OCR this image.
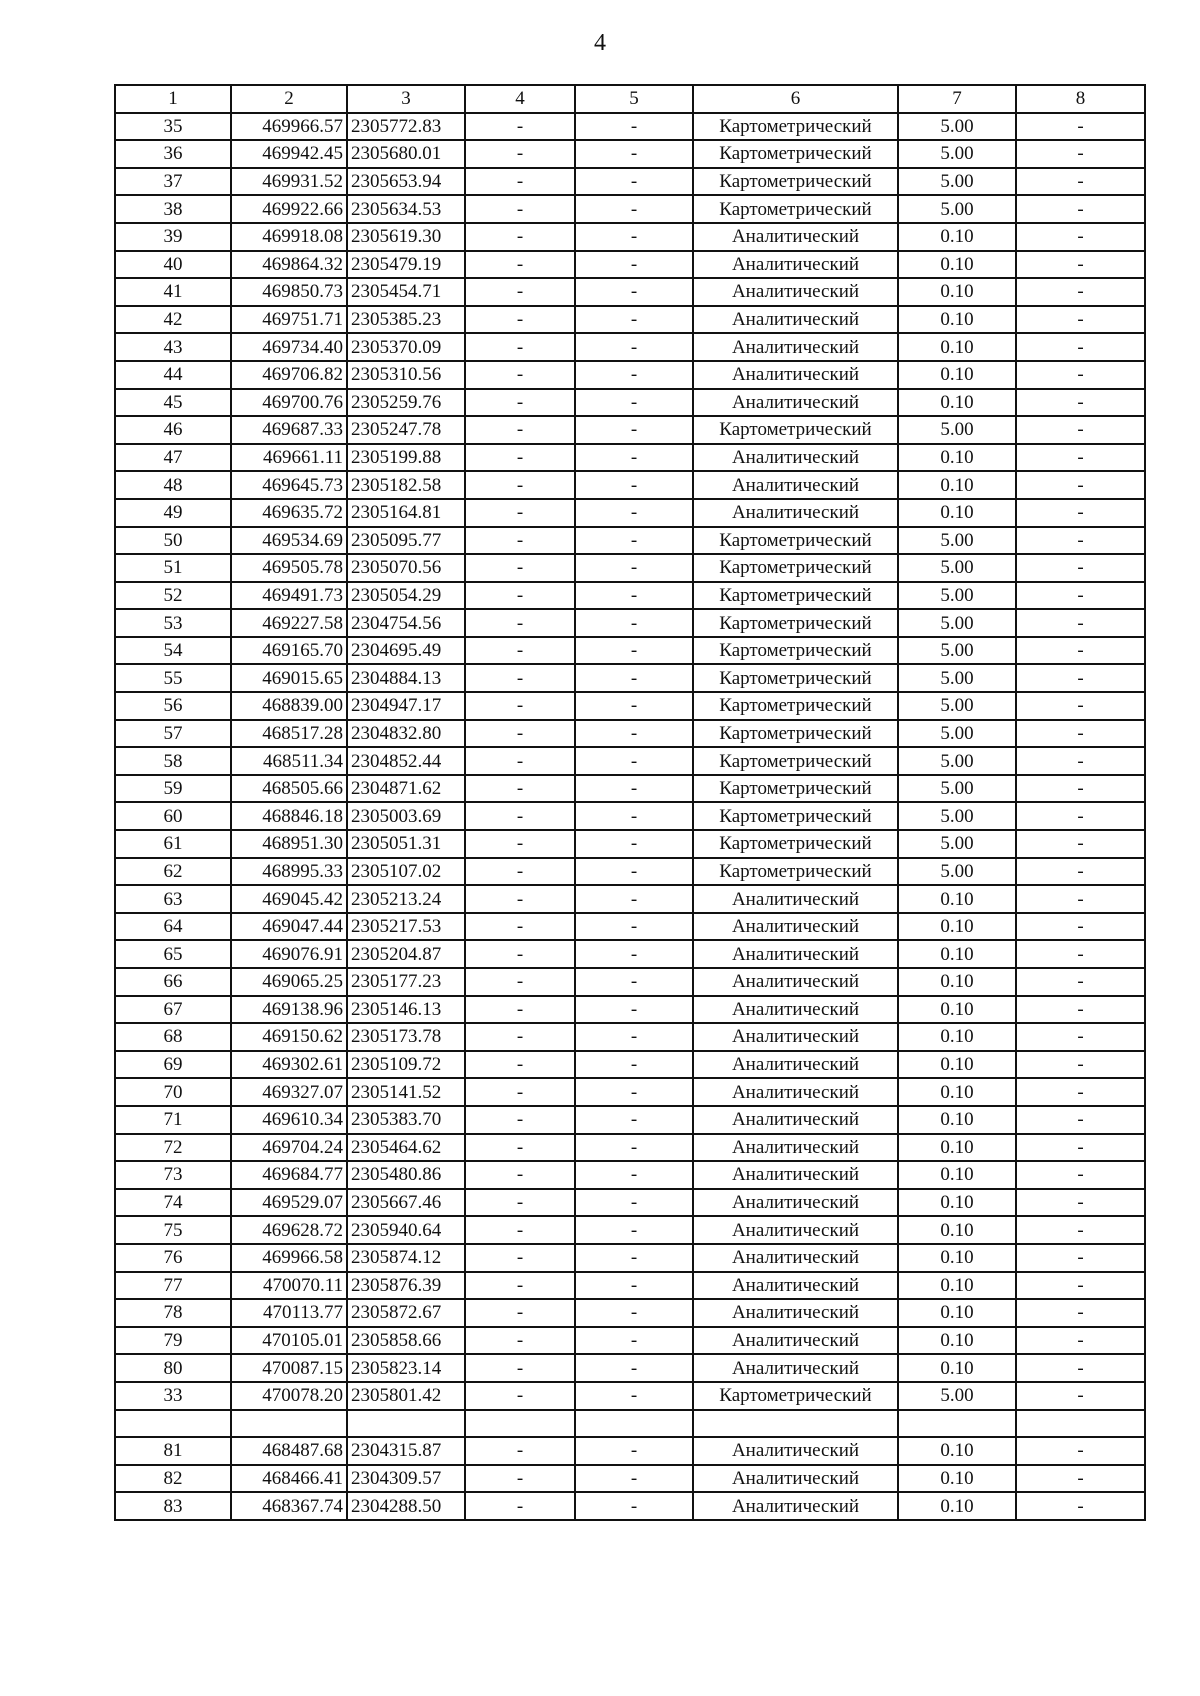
4
1	2	3	4	5	6	7	8
35	469966.57	2305772.83	-	-	Картометрический	5.00	-
36	469942.45	2305680.01	-	-	Картометрический	5.00	-
37	469931.52	2305653.94	-	-	Картометрический	5.00	-
38	469922.66	2305634.53	-	-	Картометрический	5.00	-
39	469918.08	2305619.30	-	-	Аналитический	0.10	-
40	469864.32	2305479.19	-	-	Аналитический	0.10	-
41	469850.73	2305454.71	-	-	Аналитический	0.10	-
42	469751.71	2305385.23	-	-	Аналитический	0.10	-
43	469734.40	2305370.09	-	-	Аналитический	0.10	-
44	469706.82	2305310.56	-	-	Аналитический	0.10	-
45	469700.76	2305259.76	-	-	Аналитический	0.10	-
46	469687.33	2305247.78	-	-	Картометрический	5.00	-
47	469661.11	2305199.88	-	-	Аналитический	0.10	-
48	469645.73	2305182.58	-	-	Аналитический	0.10	-
49	469635.72	2305164.81	-	-	Аналитический	0.10	-
50	469534.69	2305095.77	-	-	Картометрический	5.00	-
51	469505.78	2305070.56	-	-	Картометрический	5.00	-
52	469491.73	2305054.29	-	-	Картометрический	5.00	-
53	469227.58	2304754.56	-	-	Картометрический	5.00	-
54	469165.70	2304695.49	-	-	Картометрический	5.00	-
55	469015.65	2304884.13	-	-	Картометрический	5.00	-
56	468839.00	2304947.17	-	-	Картометрический	5.00	-
57	468517.28	2304832.80	-	-	Картометрический	5.00	-
58	468511.34	2304852.44	-	-	Картометрический	5.00	-
59	468505.66	2304871.62	-	-	Картометрический	5.00	-
60	468846.18	2305003.69	-	-	Картометрический	5.00	-
61	468951.30	2305051.31	-	-	Картометрический	5.00	-
62	468995.33	2305107.02	-	-	Картометрический	5.00	-
63	469045.42	2305213.24	-	-	Аналитический	0.10	-
64	469047.44	2305217.53	-	-	Аналитический	0.10	-
65	469076.91	2305204.87	-	-	Аналитический	0.10	-
66	469065.25	2305177.23	-	-	Аналитический	0.10	-
67	469138.96	2305146.13	-	-	Аналитический	0.10	-
68	469150.62	2305173.78	-	-	Аналитический	0.10	-
69	469302.61	2305109.72	-	-	Аналитический	0.10	-
70	469327.07	2305141.52	-	-	Аналитический	0.10	-
71	469610.34	2305383.70	-	-	Аналитический	0.10	-
72	469704.24	2305464.62	-	-	Аналитический	0.10	-
73	469684.77	2305480.86	-	-	Аналитический	0.10	-
74	469529.07	2305667.46	-	-	Аналитический	0.10	-
75	469628.72	2305940.64	-	-	Аналитический	0.10	-
76	469966.58	2305874.12	-	-	Аналитический	0.10	-
77	470070.11	2305876.39	-	-	Аналитический	0.10	-
78	470113.77	2305872.67	-	-	Аналитический	0.10	-
79	470105.01	2305858.66	-	-	Аналитический	0.10	-
80	470087.15	2305823.14	-	-	Аналитический	0.10	-
33	470078.20	2305801.42	-	-	Картометрический	5.00	-

81	468487.68	2304315.87	-	-	Аналитический	0.10	-
82	468466.41	2304309.57	-	-	Аналитический	0.10	-
83	468367.74	2304288.50	-	-	Аналитический	0.10	-
